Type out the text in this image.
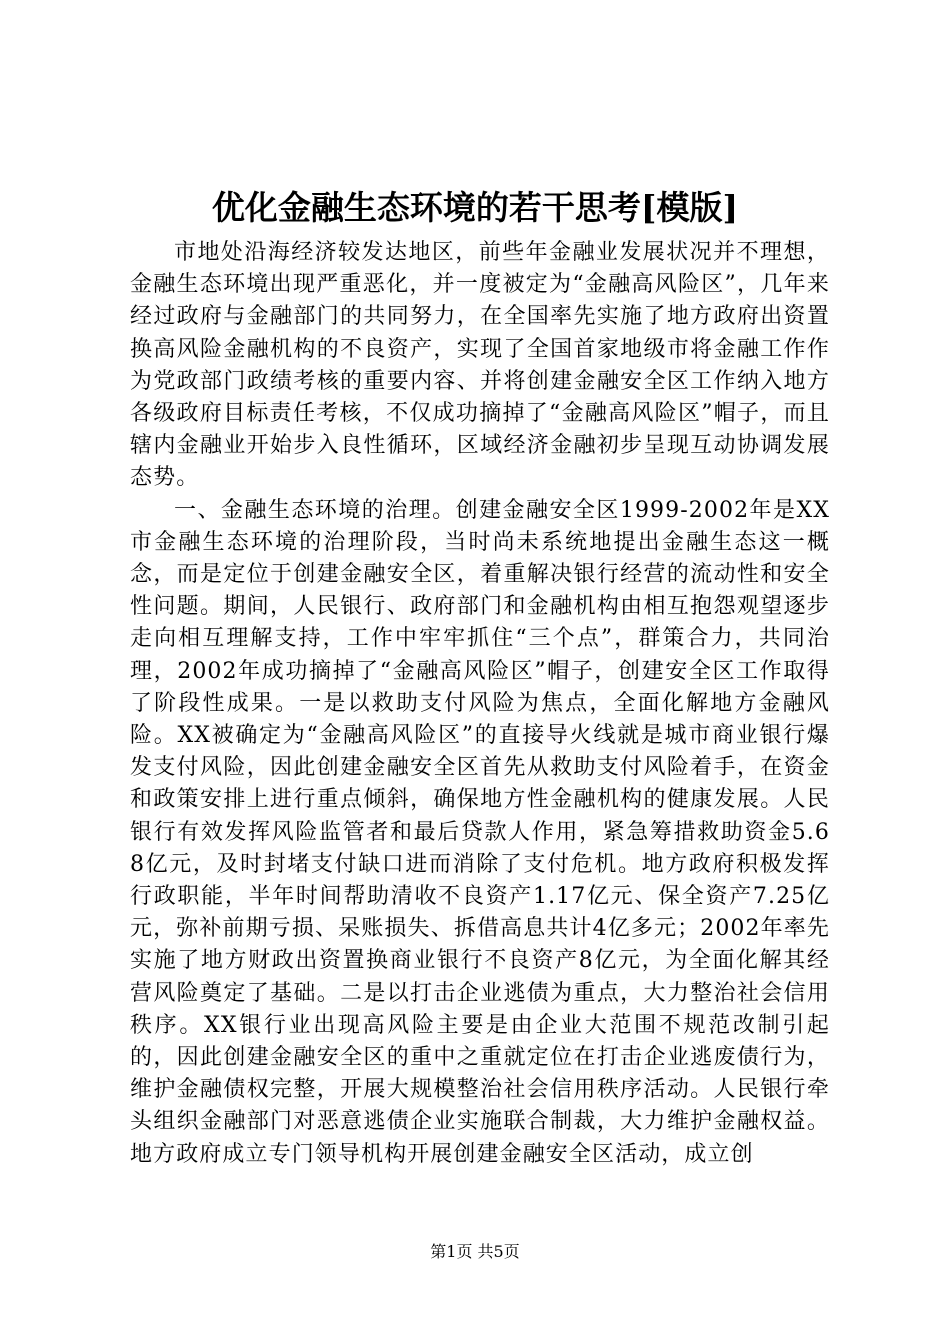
优化金融生态环境的若干思考[模版]

市地处沿海经济较发达地区，前些年金融业发展状况并不理想，金融生态环境出现严重恶化，并一度被定为“金融高风险区”，几年来经过政府与金融部门的共同努力，在全国率先实施了地方政府出资置换高风险金融机构的不良资产，实现了全国首家地级市将金融工作作为党政部门政绩考核的重要内容、并将创建金融安全区工作纳入地方各级政府目标责任考核，不仅成功摘掉了“金融高风险区”帽子，而且辖内金融业开始步入良性循环，区域经济金融初步呈现互动协调发展态势。

一、金融生态环境的治理。创建金融安全区1999-2002年是XX市金融生态环境的治理阶段，当时尚未系统地提出金融生态这一概念，而是定位于创建金融安全区，着重解决银行经营的流动性和安全性问题。期间，人民银行、政府部门和金融机构由相互抱怨观望逐步走向相互理解支持，工作中牢牢抓住“三个点”，群策合力，共同治理，2002年成功摘掉了“金融高风险区”帽子，创建安全区工作取得了阶段性成果。一是以救助支付风险为焦点，全面化解地方金融风险。XX被确定为“金融高风险区”的直接导火线就是城市商业银行爆发支付风险，因此创建金融安全区首先从救助支付风险着手，在资金和政策安排上进行重点倾斜，确保地方性金融机构的健康发展。人民银行有效发挥风险监管者和最后贷款人作用，紧急筹措救助资金5.68亿元，及时封堵支付缺口进而消除了支付危机。地方政府积极发挥行政职能，半年时间帮助清收不良资产1.17亿元、保全资产7.25亿元，弥补前期亏损、呆账损失、拆借高息共计4亿多元；2002年率先实施了地方财政出资置换商业银行不良资产8亿元，为全面化解其经营风险奠定了基础。二是以打击企业逃债为重点，大力整治社会信用秩序。XX银行业出现高风险主要是由企业大范围不规范改制引起的，因此创建金融安全区的重中之重就定位在打击企业逃废债行为，维护金融债权完整，开展大规模整治社会信用秩序活动。人民银行牵头组织金融部门对恶意逃债企业实施联合制裁，大力维护金融权益。地方政府成立专门领导机构开展创建金融安全区活动，成立创

第1页 共5页
